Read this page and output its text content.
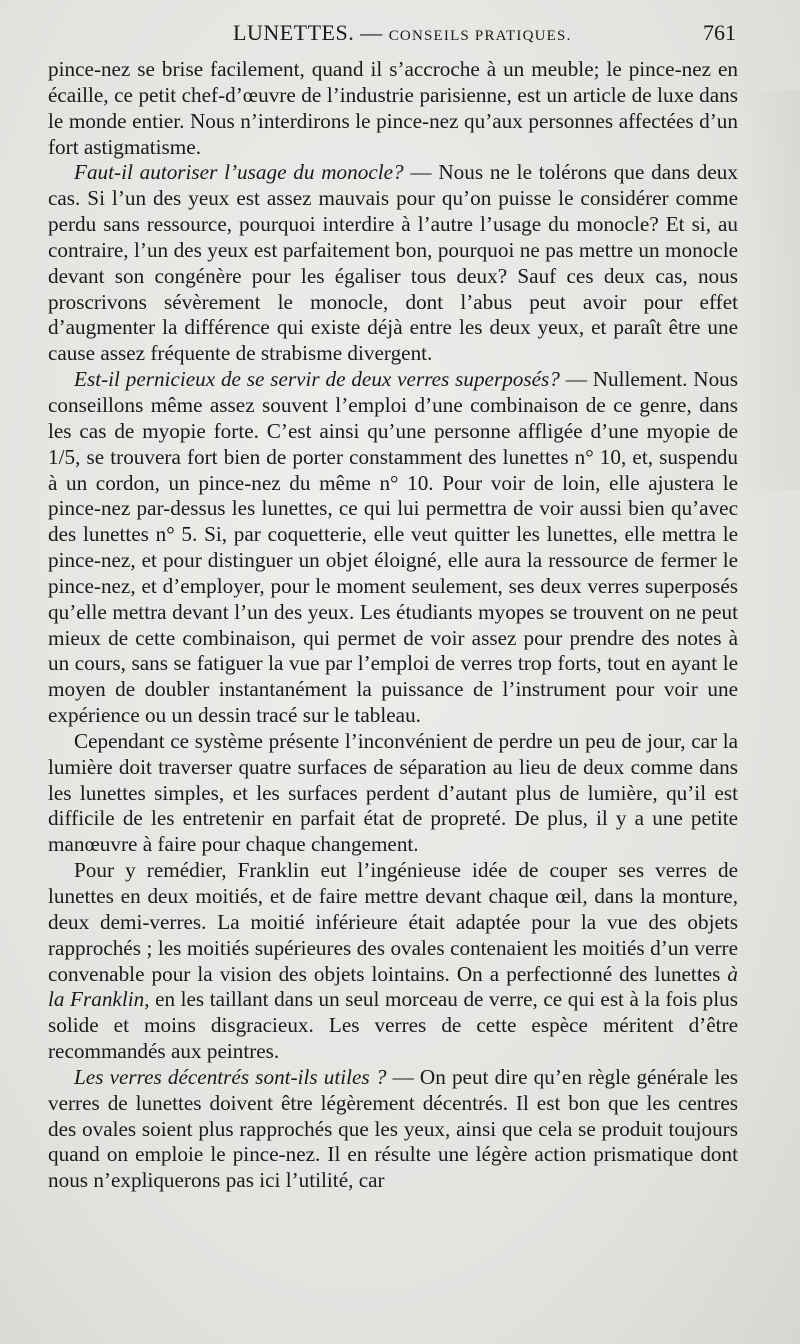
LUNETTES. — CONSEILS PRATIQUES.	761

pince-nez se brise facilement, quand il s’accroche à un meuble; le pince-nez en écaille, ce petit chef-d’œuvre de l’industrie parisienne, est un article de luxe dans le monde entier. Nous n’interdirons le pince-nez qu’aux personnes affectées d’un fort astigmatisme.

Faut-il autoriser l’usage du monocle? — Nous ne le tolérons que dans deux cas. Si l’un des yeux est assez mauvais pour qu’on puisse le considérer comme perdu sans ressource, pourquoi interdire à l’autre l’usage du monocle? Et si, au contraire, l’un des yeux est parfaitement bon, pourquoi ne pas mettre un monocle devant son congénère pour les égaliser tous deux? Sauf ces deux cas, nous proscrivons sévèrement le monocle, dont l’abus peut avoir pour effet d’augmenter la différence qui existe déjà entre les deux yeux, et paraît être une cause assez fréquente de strabisme divergent.

Est-il pernicieux de se servir de deux verres superposés? — Nullement. Nous conseillons même assez souvent l’emploi d’une combinaison de ce genre, dans les cas de myopie forte. C’est ainsi qu’une personne affligée d’une myopie de 1/5, se trouvera fort bien de porter constamment des lunettes n° 10, et, suspendu à un cordon, un pince-nez du même n° 10. Pour voir de loin, elle ajustera le pince-nez par-dessus les lunettes, ce qui lui permettra de voir aussi bien qu’avec des lunettes n° 5. Si, par coquetterie, elle veut quitter les lunettes, elle mettra le pince-nez, et pour distinguer un objet éloigné, elle aura la ressource de fermer le pince-nez, et d’employer, pour le moment seulement, ses deux verres superposés qu’elle mettra devant l’un des yeux. Les étudiants myopes se trouvent on ne peut mieux de cette combinaison, qui permet de voir assez pour prendre des notes à un cours, sans se fatiguer la vue par l’emploi de verres trop forts, tout en ayant le moyen de doubler instantanément la puissance de l’instrument pour voir une expérience ou un dessin tracé sur le tableau.

Cependant ce système présente l’inconvénient de perdre un peu de jour, car la lumière doit traverser quatre surfaces de séparation au lieu de deux comme dans les lunettes simples, et les surfaces perdent d’autant plus de lumière, qu’il est difficile de les entretenir en parfait état de propreté. De plus, il y a une petite manœuvre à faire pour chaque changement.

Pour y remédier, Franklin eut l’ingénieuse idée de couper ses verres de lunettes en deux moitiés, et de faire mettre devant chaque œil, dans la monture, deux demi-verres. La moitié inférieure était adaptée pour la vue des objets rapprochés ; les moitiés supérieures des ovales contenaient les moitiés d’un verre convenable pour la vision des objets lointains. On a perfectionné des lunettes à la Franklin, en les taillant dans un seul morceau de verre, ce qui est à la fois plus solide et moins disgracieux. Les verres de cette espèce méritent d’être recommandés aux peintres.

Les verres décentrés sont-ils utiles ? — On peut dire qu’en règle générale les verres de lunettes doivent être légèrement décentrés. Il est bon que les centres des ovales soient plus rapprochés que les yeux, ainsi que cela se produit toujours quand on emploie le pince-nez. Il en résulte une légère action prismatique dont nous n’expliquerons pas ici l’utilité, car
